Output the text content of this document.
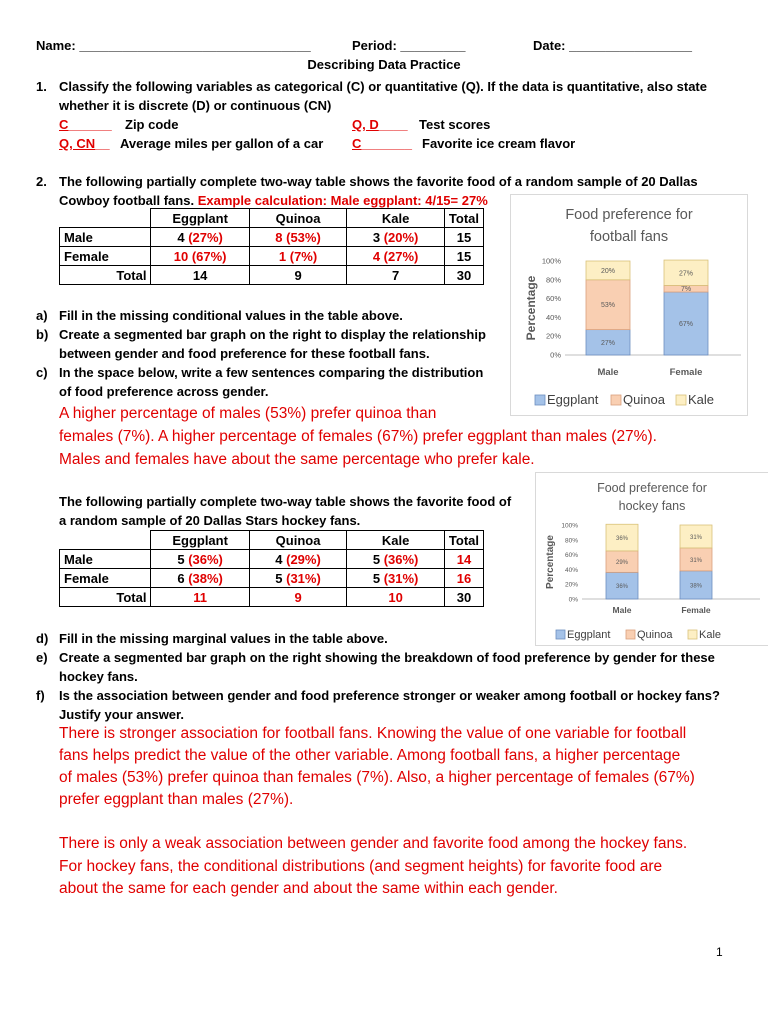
Name: ________________________________	Period: _________	Date: _________________
Describing Data Practice
1. Classify the following variables as categorical (C) or quantitative (Q). If the data is quantitative, also state whether it is discrete (D) or continuous (CN)
C______ Zip code	Q, D____ Test scores
Q, CN__ Average miles per gallon of a car C_______ Favorite ice cream flavor
2. The following partially complete two-way table shows the favorite food of a random sample of 20 Dallas Cowboy football fans. Example calculation: Male eggplant: 4/15= 27%
	Eggplant	Quinoa	Kale	Total
Male	4 (27%)	8 (53%)	3 (20%)	15
Female	10 (67%)	1 (7%)	4 (27%)	15
Total	14	9	7	30
Food preference for
football fans
Percentage
0%
20%
40%
60%
80%
100%
27%
53%
20%
Male
67%
7%
27%
Female
Eggplant Quinoa Kale
a) Fill in the missing conditional values in the table above.
b) Create a segmented bar graph on the right to display the relationship between gender and food preference for these football fans.
c) In the space below, write a few sentences comparing the distribution of food preference across gender.
A higher percentage of males (53%) prefer quinoa than
females (7%). A higher percentage of females (67%) prefer eggplant than males (27%).
Males and females have about the same percentage who prefer kale.
The following partially complete two-way table shows the favorite food of a random sample of 20 Dallas Stars hockey fans.
	Eggplant	Quinoa	Kale	Total
Male	5 (36%)	4 (29%)	5 (36%)	14
Female	6 (38%)	5 (31%)	5 (31%)	16
Total	11	9	10	30
Food preference for
hockey fans
Percentage
0%
20%
40%
60%
80%
100%
36%
29%
36%
Male
38%
31%
31%
Female
Eggplant Quinoa Kale
d) Fill in the missing marginal values in the table above.
e) Create a segmented bar graph on the right showing the breakdown of food preference by gender for these hockey fans.
f) Is the association between gender and food preference stronger or weaker among football or hockey fans? Justify your answer.
There is stronger association for football fans. Knowing the value of one variable for football
fans helps predict the value of the other variable. Among football fans, a higher percentage
of males (53%) prefer quinoa than females (7%). Also, a higher percentage of females (67%)
prefer eggplant than males (27%).
There is only a weak association between gender and favorite food among the hockey fans.
For hockey fans, the conditional distributions (and segment heights) for favorite food are
about the same for each gender and about the same within each gender.
1
